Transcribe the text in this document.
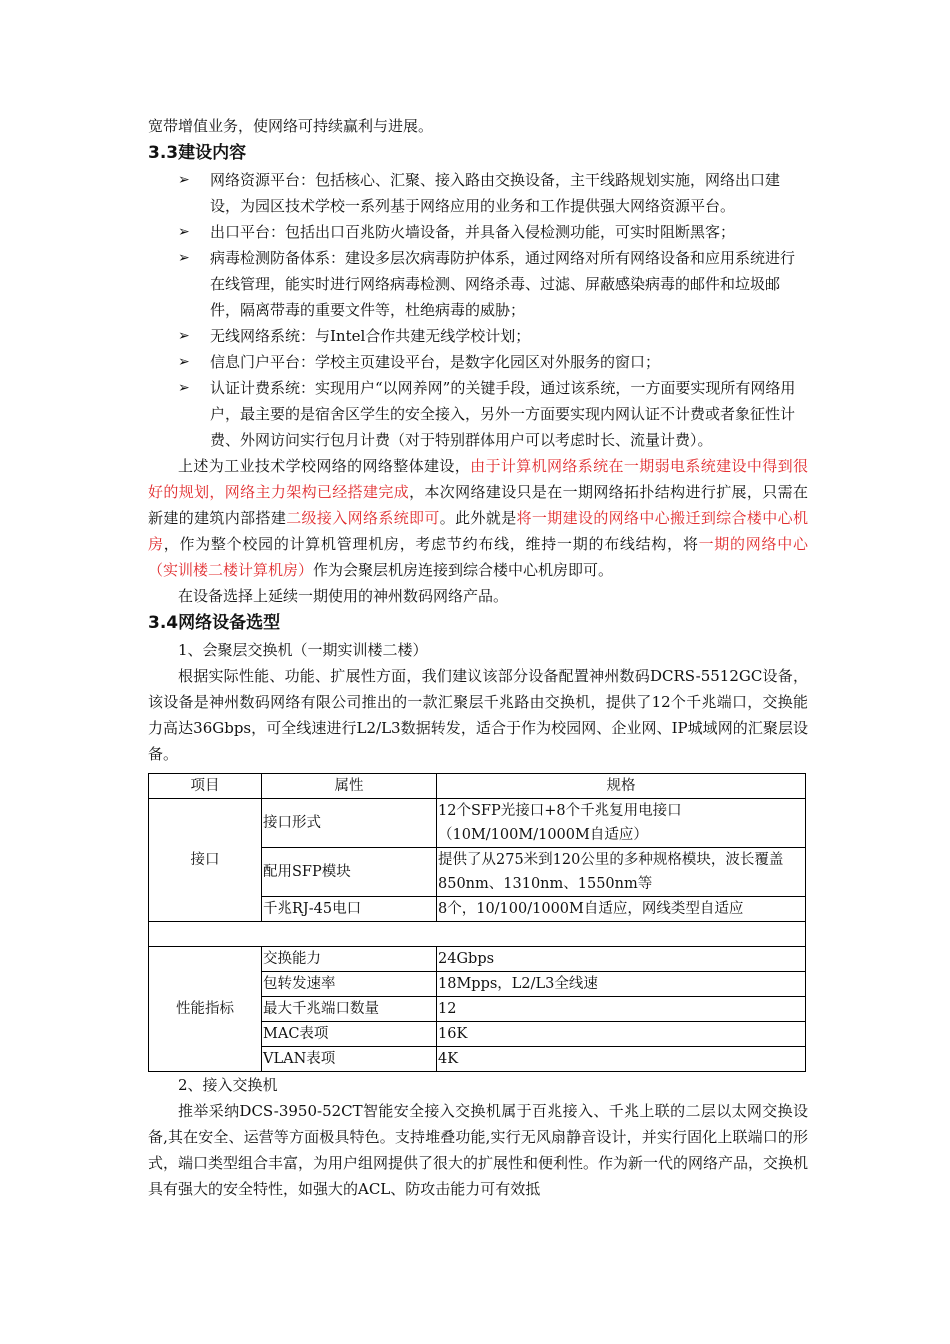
宽带增值业务，使网络可持续赢利与进展。

3.3建设内容

➢ 网络资源平台：包括核心、汇聚、接入路由交换设备，主干线路规划实施，网络出口建设，为园区技术学校一系列基于网络应用的业务和工作提供强大网络资源平台。

➢ 出口平台：包括出口百兆防火墙设备，并具备入侵检测功能，可实时阻断黑客；

➢ 病毒检测防备体系：建设多层次病毒防护体系，通过网络对所有网络设备和应用系统进行在线管理，能实时进行网络病毒检测、网络杀毒、过滤、屏蔽感染病毒的邮件和垃圾邮件，隔离带毒的重要文件等，杜绝病毒的威胁；

➢ 无线网络系统：与Intel合作共建无线学校计划；

➢ 信息门户平台：学校主页建设平台，是数字化园区对外服务的窗口；

➢ 认证计费系统：实现用户“以网养网”的关键手段，通过该系统，一方面要实现所有网络用户，最主要的是宿舍区学生的安全接入，另外一方面要实现内网认证不计费或者象征性计费、外网访问实行包月计费（对于特别群体用户可以考虑时长、流量计费）。

上述为工业技术学校网络的网络整体建设，由于计算机网络系统在一期弱电系统建设中得到很好的规划，网络主力架构已经搭建完成，本次网络建设只是在一期网络拓扑结构进行扩展，只需在新建的建筑内部搭建二级接入网络系统即可。此外就是将一期建设的网络中心搬迁到综合楼中心机房，作为整个校园的计算机管理机房，考虑节约布线，维持一期的布线结构，将一期的网络中心（实训楼二楼计算机房）作为会聚层机房连接到综合楼中心机房即可。

在设备选择上延续一期使用的神州数码网络产品。

3.4网络设备选型

1、会聚层交换机（一期实训楼二楼）

根据实际性能、功能、扩展性方面，我们建议该部分设备配置神州数码DCRS-5512GC设备，该设备是神州数码网络有限公司推出的一款汇聚层千兆路由交换机，提供了12个千兆端口，交换能力高达36Gbps，可全线速进行L2/L3数据转发，适合于作为校园网、企业网、IP城域网的汇聚层设备。

项目	属性	规格
接口	接口形式	12个SFP光接口+8个千兆复用电接口（10M/100M/1000M自适应）
	配用SFP模块	提供了从275米到120公里的多种规格模块，波长覆盖850nm、1310nm、1550nm等
	千兆RJ-45电口	8个，10/100/1000M自适应，网线类型自适应

性能指标	交换能力	24Gbps
	包转发速率	18Mpps，L2/L3全线速
	最大千兆端口数量	12
	MAC表项	16K
	VLAN表项	4K

2、接入交换机

推举采纳DCS-3950-52CT智能安全接入交换机属于百兆接入、千兆上联的二层以太网交换设备,其在安全、运营等方面极具特色。支持堆叠功能,实行无风扇静音设计，并实行固化上联端口的形式，端口类型组合丰富，为用户组网提供了很大的扩展性和便利性。作为新一代的网络产品，交换机具有强大的安全特性，如强大的ACL、防攻击能力可有效抵
